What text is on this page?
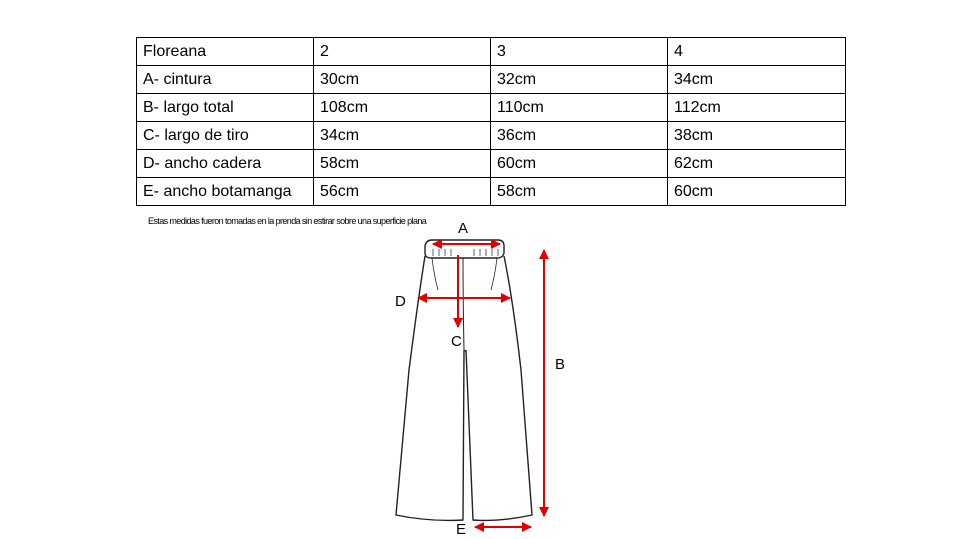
Floreana	2	3	4
A- cintura	30cm	32cm	34cm
B- largo total	108cm	110cm	112cm
C- largo de tiro	34cm	36cm	38cm
D- ancho cadera	58cm	60cm	62cm
E- ancho botamanga	56cm	58cm	60cm
Estas medidas fueron tomadas en la prenda sin estirar sobre una superficie plana A
B
C
D
E
